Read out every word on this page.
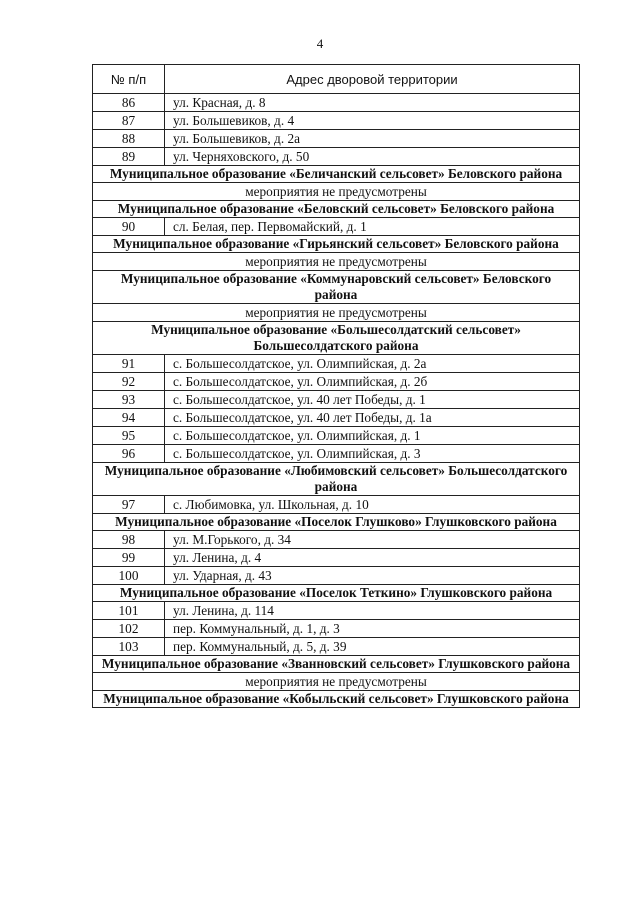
4
№ п/п	Адрес дворовой территории
86	ул. Красная, д. 8
87	ул. Большевиков, д. 4
88	ул. Большевиков, д. 2а
89	ул. Черняховского, д. 50
Муниципальное образование «Беличанский сельсовет» Беловского района	
мероприятия не предусмотрены	
Муниципальное образование «Беловский сельсовет» Беловского района	
90	сл. Белая, пер. Первомайский, д. 1
Муниципальное образование «Гирьянский сельсовет» Беловского района	
мероприятия не предусмотрены	
Муниципальное образование «Коммунаровский сельсовет» Беловского района	
мероприятия не предусмотрены	
Муниципальное образование «Большесолдатский сельсовет» Большесолдатского района	
91	с. Большесолдатское, ул. Олимпийская, д. 2а
92	с. Большесолдатское, ул. Олимпийская, д. 2б
93	с. Большесолдатское, ул. 40 лет Победы, д. 1
94	с. Большесолдатское, ул. 40 лет Победы, д. 1а
95	с. Большесолдатское, ул. Олимпийская, д. 1
96	с. Большесолдатское, ул. Олимпийская, д. 3
Муниципальное образование «Любимовский сельсовет» Большесолдатского района	
97	с. Любимовка, ул. Школьная, д. 10
Муниципальное образование «Поселок Глушково» Глушковского района	
98	ул. М.Горького, д. 34
99	ул. Ленина, д. 4
100	ул. Ударная, д. 43
Муниципальное образование «Поселок Теткино» Глушковского района	
101	ул. Ленина, д. 114
102	пер. Коммунальный, д. 1, д. 3
103	пер. Коммунальный, д. 5, д. 39
Муниципальное образование «Званновский сельсовет» Глушковского района	
мероприятия не предусмотрены	
Муниципальное образование «Кобыльский сельсовет» Глушковского района	
